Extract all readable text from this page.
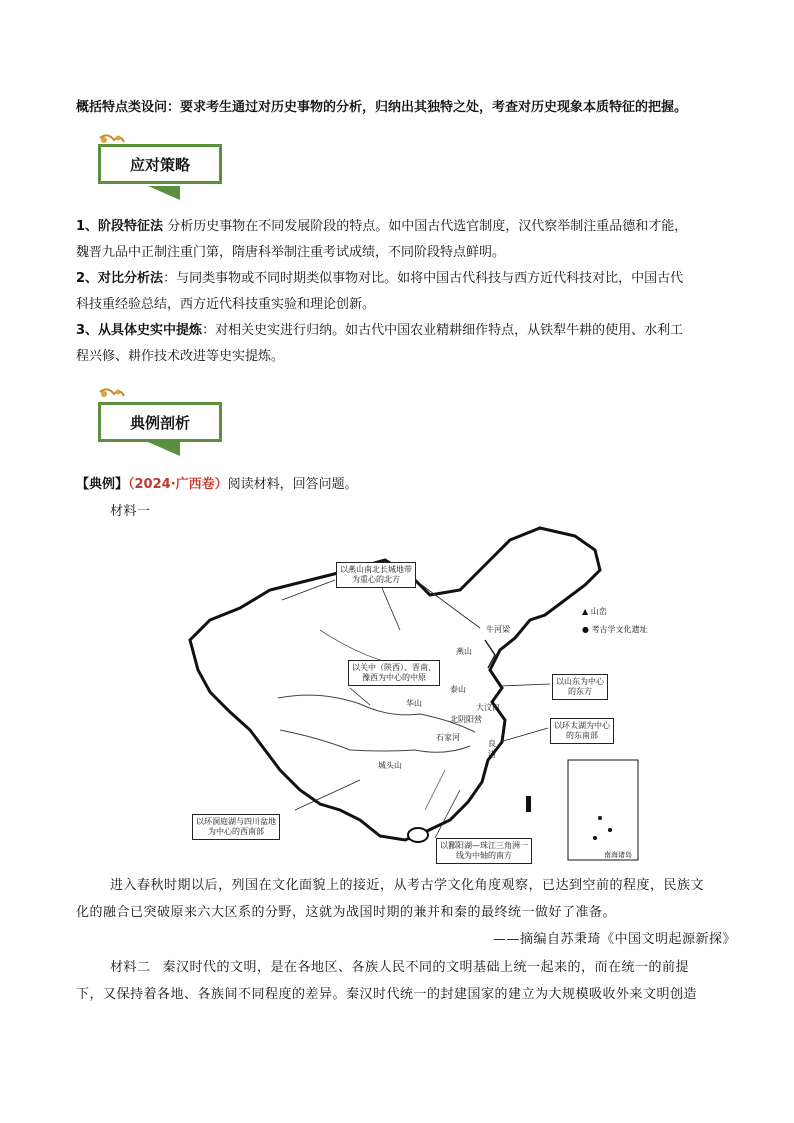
概括特点类设问：要求考生通过对历史事物的分析，归纳出其独特之处，考查对历史现象本质特征的把握。
应对策略
1、阶段特征法 分析历史事物在不同发展阶段的特点。如中国古代选官制度，汉代察举制注重品德和才能，
魏晋九品中正制注重门第，隋唐科举制注重考试成绩，不同阶段特点鲜明。
2、对比分析法：与同类事物或不同时期类似事物对比。如将中国古代科技与西方近代科技对比，中国古代
科技重经验总结，西方近代科技重实验和理论创新。
3、从具体史实中提炼：对相关史实进行归纳。如古代中国农业精耕细作特点，从铁犁牛耕的使用、水利工
程兴修、耕作技术改进等史实提炼。
典例剖析
【典例】（2024·广西卷）阅读材料，回答问题。
材料一
▲ 山峦
● 考古学文化遗址
以燕山南北长城地带
为重心的北方
以关中（陕西）、晋南、
豫西为中心的中原	以山东为中心
的东方
以环太湖为中心
的东南部
以环洞庭湖与四川盆地
为中心的西南部
以鄱阳湖—珠江三角洲一
线为中轴的南方
牛河梁
燕山
泰山
华山
北阴阳营
大汶口
良渚
石家河
城头山
南海诸岛
进入春秋时期以后，列国在文化面貌上的接近，从考古学文化角度观察，已达到空前的程度，民族文
化的融合已突破原来六大区系的分野，这就为战国时期的兼并和秦的最终统一做好了准备。
——摘编自苏秉琦《中国文明起源新探》
材料二 秦汉时代的文明，是在各地区、各族人民不同的文明基础上统一起来的，而在统一的前提
下，又保持着各地、各族间不同程度的差异。秦汉时代统一的封建国家的建立为大规模吸收外来文明创造
